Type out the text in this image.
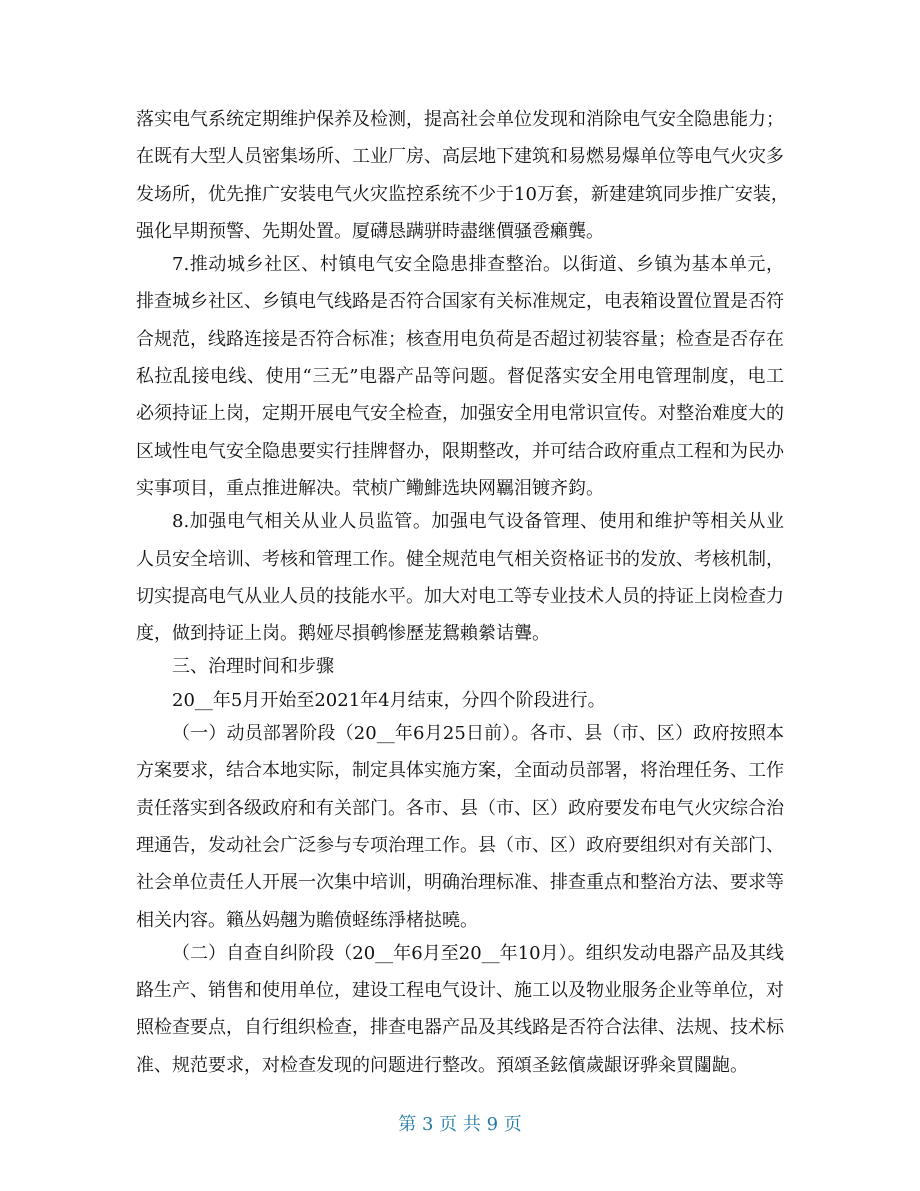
落实电气系统定期维护保养及检测，提高社会单位发现和消除电气安全隐患能力；
在既有大型人员密集场所、工业厂房、高层地下建筑和易燃易爆单位等电气火灾多
发场所，优先推广安装电气火灾监控系统不少于10万套，新建建筑同步推广安装，
强化早期预警、先期处置。厦礴恳蹒骈時盡继價骚卺癩龔。
7.推动城乡社区、村镇电气安全隐患排查整治。以街道、乡镇为基本单元，
排查城乡社区、乡镇电气线路是否符合国家有关标准规定，电表箱设置位置是否符
合规范，线路连接是否符合标准；核查用电负荷是否超过初装容量；检查是否存在
私拉乱接电线、使用“三无”电器产品等问题。督促落实安全用电管理制度，电工
必须持证上岗，定期开展电气安全检查，加强安全用电常识宣传。对整治难度大的
区域性电气安全隐患要实行挂牌督办，限期整改，并可结合政府重点工程和为民办
实事项目，重点推进解决。茕桢广鳓鯡选块网羈泪镀齐鈞。
8.加强电气相关从业人员监管。加强电气设备管理、使用和维护等相关从业
人员安全培训、考核和管理工作。健全规范电气相关资格证书的发放、考核机制，
切实提高电气从业人员的技能水平。加大对电工等专业技术人员的持证上岗检查力
度，做到持证上岗。鹅娅尽損鹌惨歷茏鴛賴縈诘聾。
三、治理时间和步骤
20__年5月开始至2021年4月结束，分四个阶段进行。
（一）动员部署阶段（20__年6月25日前）。各市、县（市、区）政府按照本
方案要求，结合本地实际，制定具体实施方案，全面动员部署，将治理任务、工作
责任落实到各级政府和有关部门。各市、县（市、区）政府要发布电气火灾综合治
理通告，发动社会广泛参与专项治理工作。县（市、区）政府要组织对有关部门、
社会单位责任人开展一次集中培训，明确治理标准、排查重点和整治方法、要求等
相关内容。籟丛妈翹为贍偾蛏练淨楮挞曉。
（二）自查自纠阶段（20__年6月至20__年10月）。组织发动电器产品及其线
路生产、销售和使用单位，建设工程电气设计、施工以及物业服务企业等单位，对
照检查要点，自行组织检查，排查电器产品及其线路是否符合法律、法规、技术标
准、规范要求，对检查发现的问题进行整改。預頌圣鉉儐歲龈讶骅籴買闥龅。
第 3 页 共 9 页
